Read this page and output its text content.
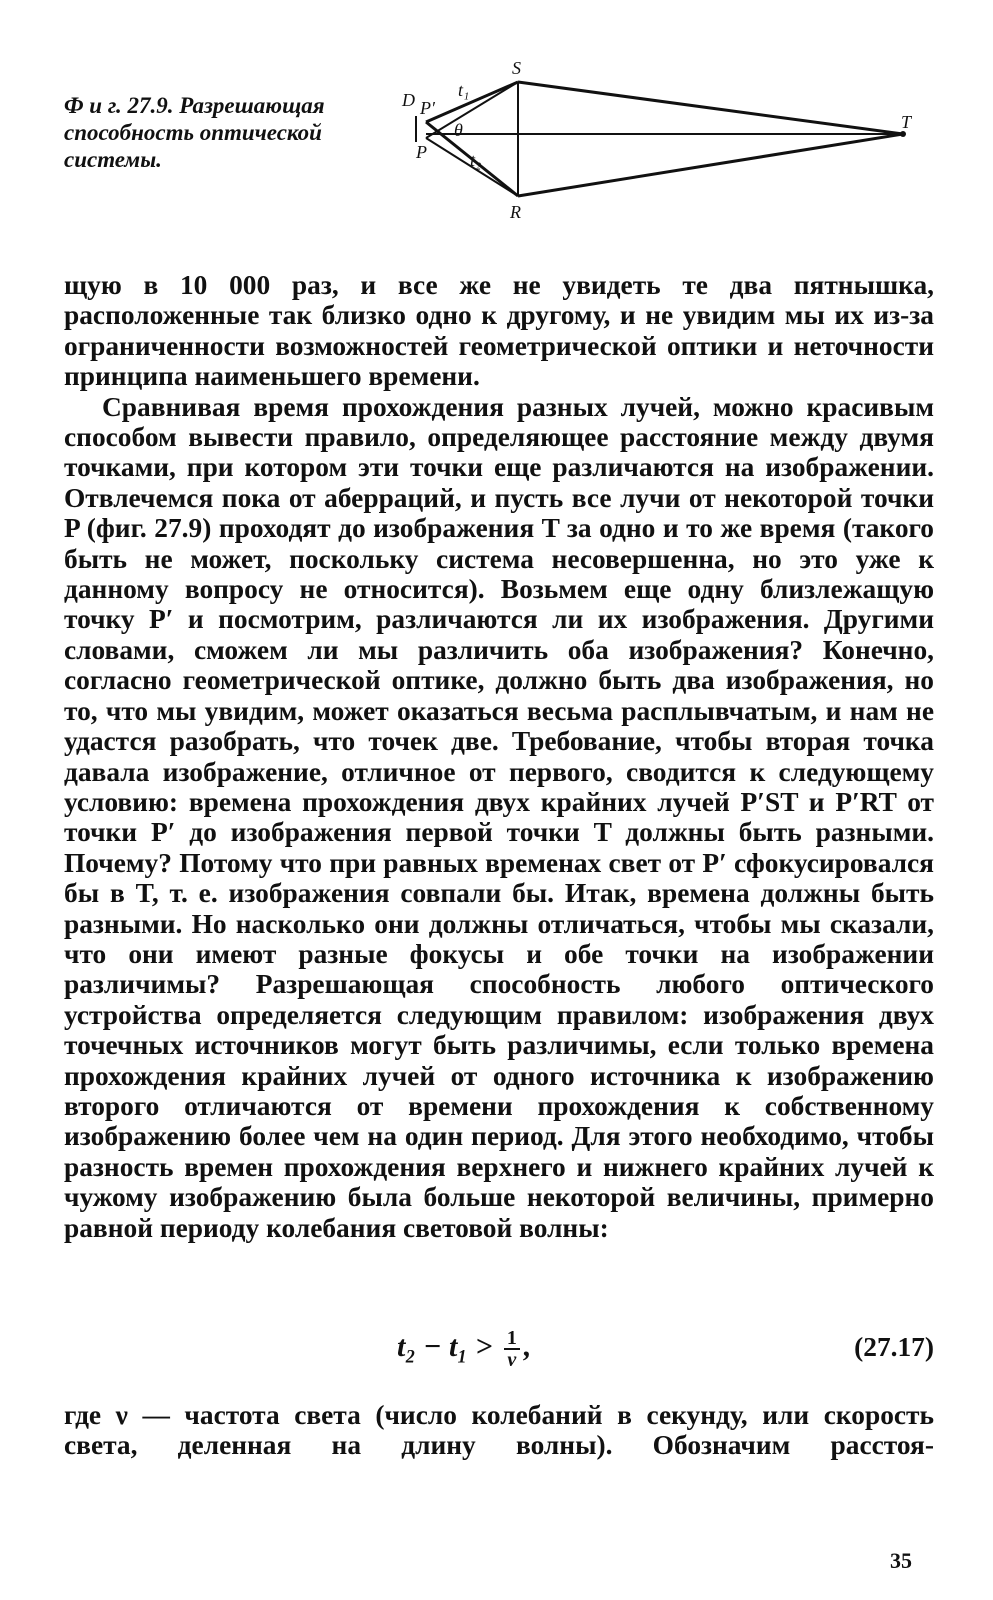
Ф и г. 27.9. Разрешающая способность оптической системы.
S
R
T
D P′
P
t₁
t₂
θ

щую в 10 000 раз, и все же не увидеть те два пятнышка, расположенные так близко одно к другому, и не увидим мы их из-за ограниченности возможностей геометрической оптики и неточности принципа наименьшего времени.

Сравнивая время прохождения разных лучей, можно красивым способом вывести правило, определяющее расстояние между двумя точками, при котором эти точки еще различаются на изображении. Отвлечемся пока от аберраций, и пусть все лучи от некоторой точки P (фиг. 27.9) проходят до изображения T за одно и то же время (такого быть не может, поскольку система несовершенна, но это уже к данному вопросу не относится). Возьмем еще одну близлежащую точку P′ и посмотрим, различаются ли их изображения. Другими словами, сможем ли мы различить оба изображения? Конечно, согласно геометрической оптике, должно быть два изображения, но то, что мы увидим, может оказаться весьма расплывчатым, и нам не удастся разобрать, что точек две. Требование, чтобы вторая точка давала изображение, отличное от первого, сводится к следующему условию: времена прохождения двух крайних лучей P′ST и P′RT от точки P′ до изображения первой точки T должны быть разными. Почему? Потому что при равных временах свет от P′ сфокусировался бы в T, т. е. изображения совпали бы. Итак, времена должны быть разными. Но насколько они должны отличаться, чтобы мы сказали, что они имеют разные фокусы и обе точки на изображении различимы? Разрешающая способность любого оптического устройства определяется следующим правилом: изображения двух точечных источников могут быть различимы, если только времена прохождения крайних лучей от одного источника к изображению второго отличаются от времени прохождения к собственному изображению более чем на один период. Для этого необходимо, чтобы разность времен прохождения верхнего и нижнего крайних лучей к чужому изображению была больше некоторой величины, примерно равной периоду колебания световой волны:

$t_2 - t_1 > \frac{1}{\nu}$ ,	(27.17)

где ν — частота света (число колебаний в секунду, или скорость света, деленная на длину волны). Обозначим расстоя-

35
